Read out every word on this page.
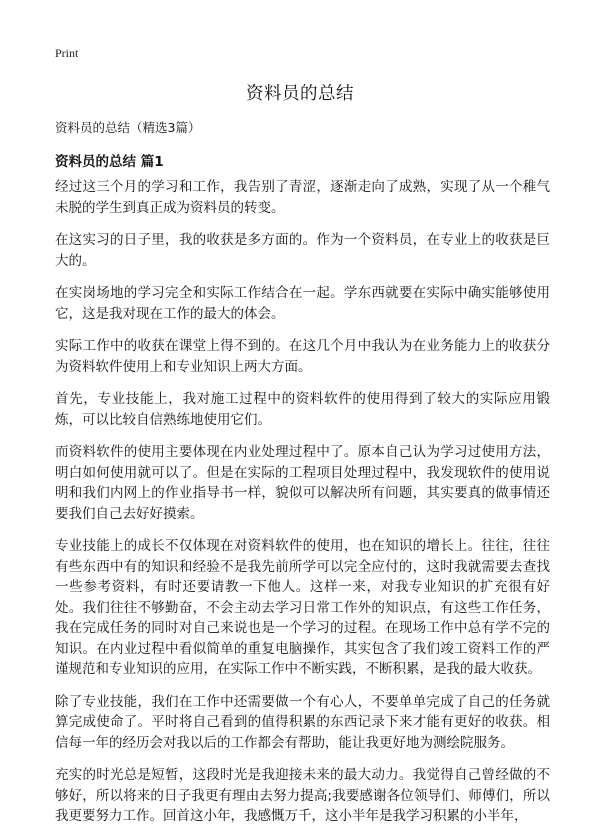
Print
资料员的总结

资料员的总结（精选3篇）

资料员的总结 篇1

经过这三个月的学习和工作，我告别了青涩，逐渐走向了成熟，实现了从一个稚气未脱的学生到真正成为资料员的转变。

在这实习的日子里，我的收获是多方面的。作为一个资料员，在专业上的收获是巨大的。

在实岗场地的学习完全和实际工作结合在一起。学东西就要在实际中确实能够使用它，这是我对现在工作的最大的体会。

实际工作中的收获在课堂上得不到的。在这几个月中我认为在业务能力上的收获分为资料软件使用上和专业知识上两大方面。

首先，专业技能上，我对施工过程中的资料软件的使用得到了较大的实际应用锻炼，可以比较自信熟练地使用它们。

而资料软件的使用主要体现在内业处理过程中了。原本自己认为学习过使用方法，明白如何使用就可以了。但是在实际的工程项目处理过程中，我发现软件的使用说明和我们内网上的作业指导书一样，貌似可以解决所有问题，其实要真的做事情还要我们自己去好好摸索。

专业技能上的成长不仅体现在对资料软件的使用，也在知识的增长上。往往，往往有些东西中有的知识和经验不是我先前所学可以完全应付的，这时我就需要去查找一些参考资料，有时还要请教一下他人。这样一来，对我专业知识的扩充很有好处。我们往往不够勤奋，不会主动去学习日常工作外的知识点，有这些工作任务，我在完成任务的同时对自己来说也是一个学习的过程。在现场工作中总有学不完的知识。在内业过程中看似简单的重复电脑操作，其实包含了我们竣工资料工作的严谨规范和专业知识的应用，在实际工作中不断实践，不断积累，是我的最大收获。

除了专业技能，我们在工作中还需要做一个有心人，不要单单完成了自己的任务就算完成使命了。平时将自己看到的值得积累的东西记录下来才能有更好的收获。相信每一年的经历会对我以后的工作都会有帮助，能让我更好地为测绘院服务。

充实的时光总是短暂，这段时光是我迎接未来的最大动力。我觉得自己曾经做的不够好，所以将来的日子我更有理由去努力提高;我要感谢各位领导们、师傅们，所以我更要努力工作。回首这小年，我感慨万千，这小半年是我学习积累的小半年，
